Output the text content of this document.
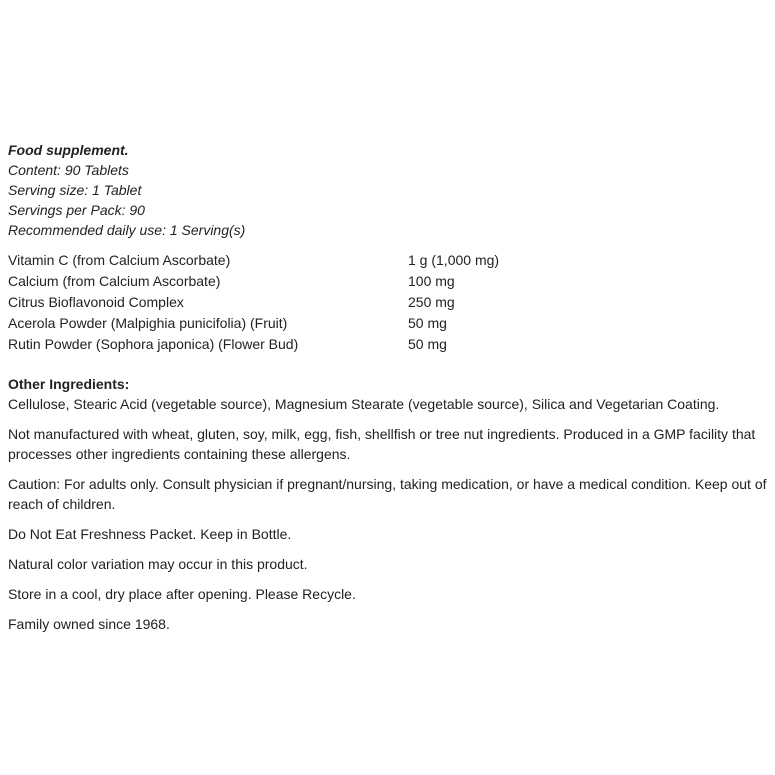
Food supplement.

Content: 90 Tablets

Serving size: 1 Tablet

Servings per Pack: 90

Recommended daily use: 1 Serving(s)

Vitamin C (from Calcium Ascorbate)	1 g (1,000 mg)
Calcium (from Calcium Ascorbate)	100 mg
Citrus Bioflavonoid Complex	250 mg
Acerola Powder (Malpighia punicifolia) (Fruit)	50 mg
Rutin Powder (Sophora japonica) (Flower Bud)	50 mg
Other Ingredients:

Cellulose, Stearic Acid (vegetable source), Magnesium Stearate (vegetable source), Silica and Vegetarian Coating.

Not manufactured with wheat, gluten, soy, milk, egg, fish, shellfish or tree nut ingredients. Produced in a GMP facility that processes other ingredients containing these allergens.

Caution: For adults only. Consult physician if pregnant/nursing, taking medication, or have a medical condition. Keep out of reach of children.

Do Not Eat Freshness Packet. Keep in Bottle.

Natural color variation may occur in this product.

Store in a cool, dry place after opening. Please Recycle.

Family owned since 1968.
